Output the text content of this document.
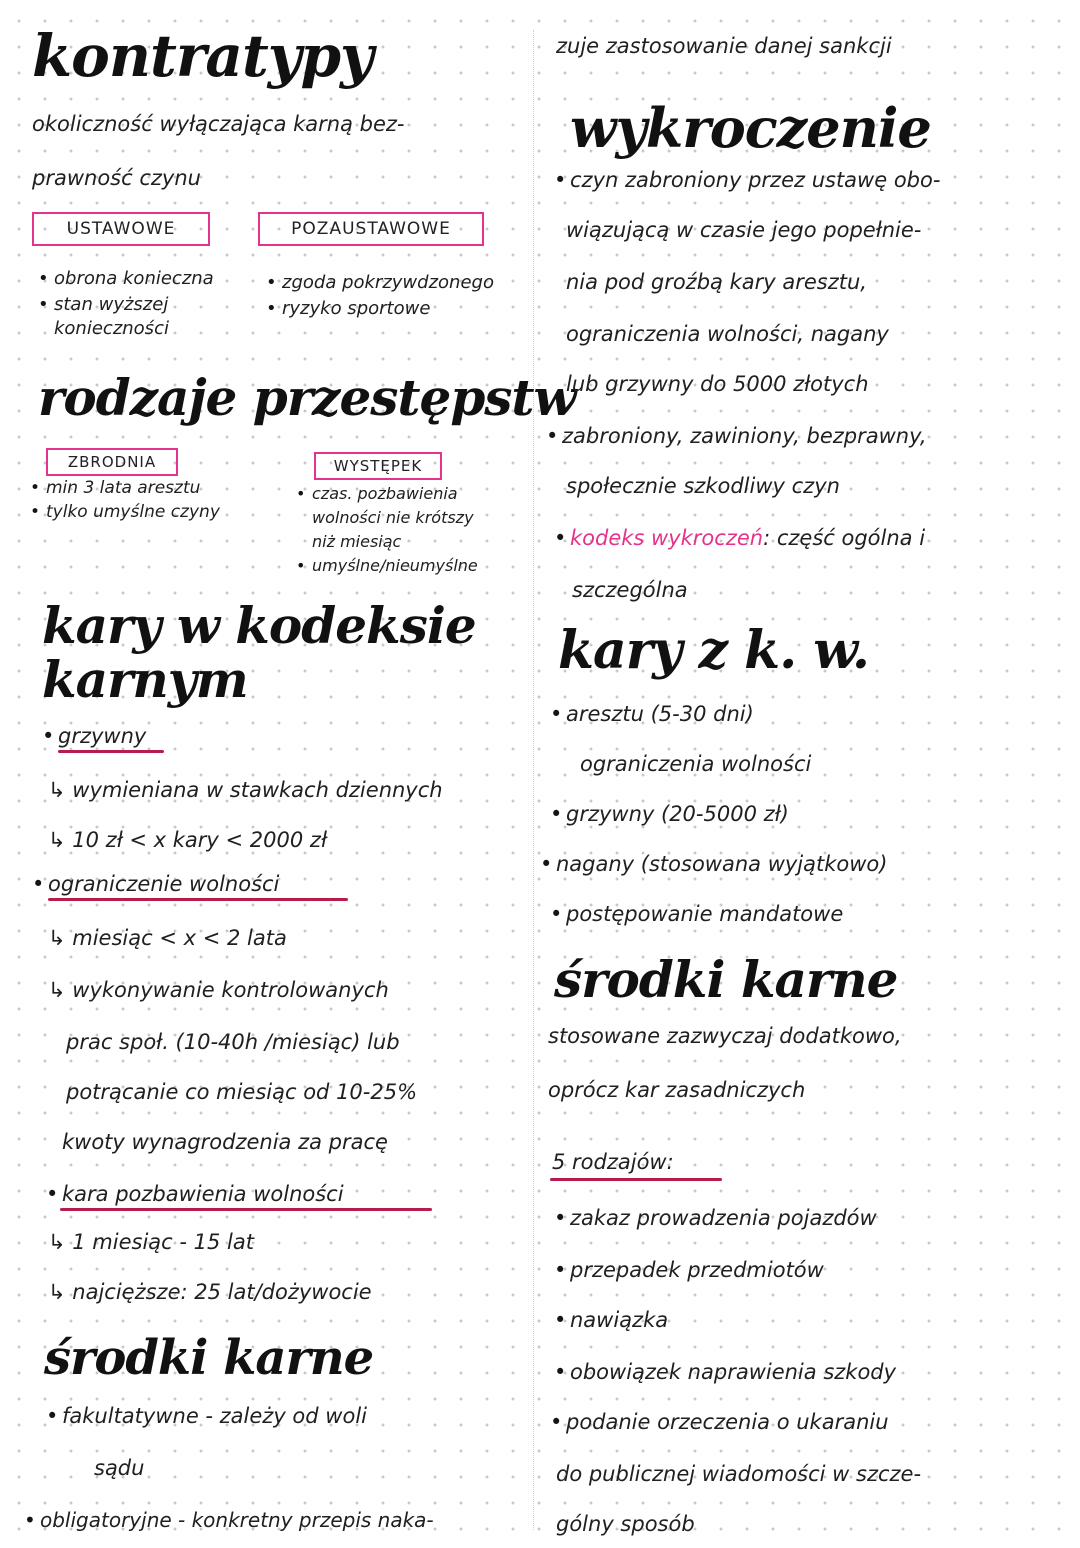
kontratypy
okoliczność wyłączająca karną bez-
prawność czynu
USTAWOWE	POZAUSTAWOWE
• obrona konieczna
• stan wyższej
konieczności
• zgoda pokrzywdzonego
• ryzyko sportowe
rodzaje przestępstw
ZBRODNIA	WYSTĘPEK
• min 3 lata aresztu
• tylko umyślne czyny
• czas. pozbawienia
wolności nie krótszy
niż miesiąc
• umyślne/nieumyślne
kary w kodeksie
karnym
• grzywny
↳ wymieniana w stawkach dziennych
↳ 10 zł < x kary < 2000 zł
• ograniczenie wolności
↳ miesiąc < x < 2 lata
↳ wykonywanie kontrolowanych
prac społ. (10-40h /miesiąc) lub
potrącanie co miesiąc od 10-25%
kwoty wynagrodzenia za pracę
• kara pozbawienia wolności
↳ 1 miesiąc - 15 lat
↳ najcięższe: 25 lat/dożywocie
środki karne
• fakultatywne - zależy od woli
sądu
• obligatoryjne - konkretny przepis naka-
zuje zastosowanie danej sankcji
wykroczenie
• czyn zabroniony przez ustawę obo-
wiązującą w czasie jego popełnie-
nia pod groźbą kary aresztu,
ograniczenia wolności, nagany
lub grzywny do 5000 złotych
• zabroniony, zawiniony, bezprawny,
społecznie szkodliwy czyn
• kodeks wykroczeń: część ogólna i
szczególna
kary z k. w.
• aresztu (5-30 dni)
ograniczenia wolności
• grzywny (20-5000 zł)
• nagany (stosowana wyjątkowo)
• postępowanie mandatowe
środki karne
stosowane zazwyczaj dodatkowo,
oprócz kar zasadniczych
5 rodzajów:
• zakaz prowadzenia pojazdów
• przepadek przedmiotów
• nawiązka
• obowiązek naprawienia szkody
• podanie orzeczenia o ukaraniu
do publicznej wiadomości w szcze-
gólny sposób
